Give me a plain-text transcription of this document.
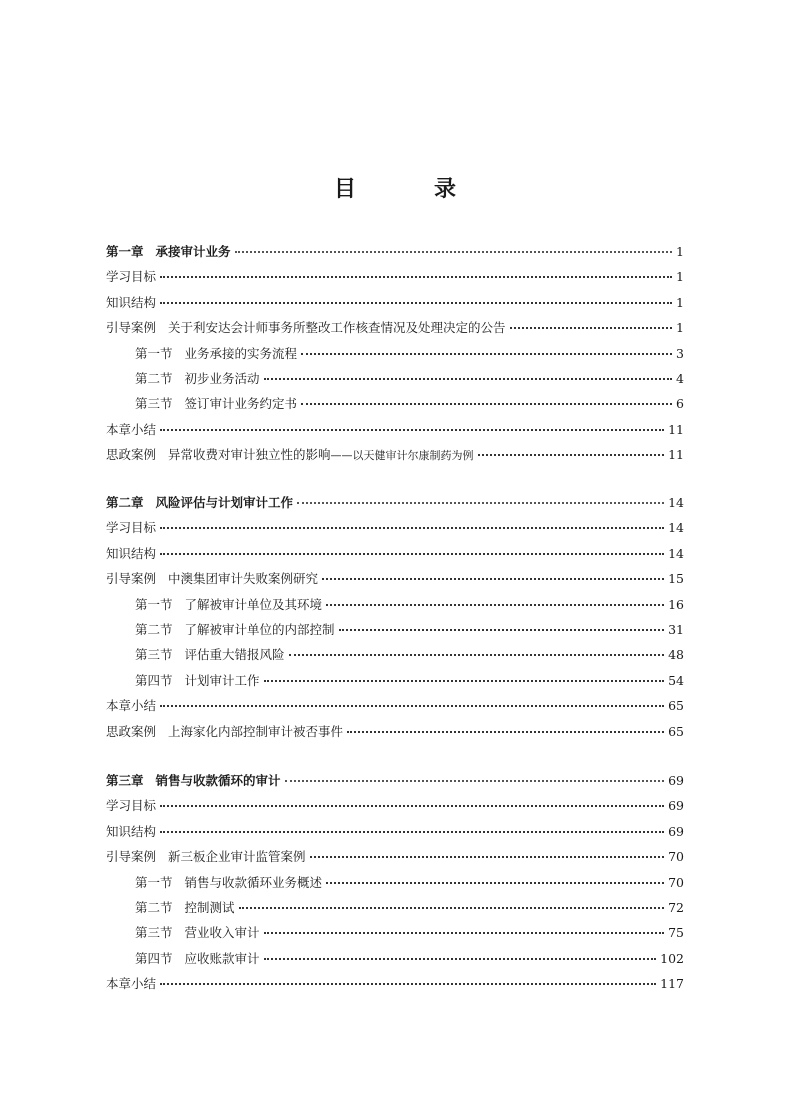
目 录
第一章 承接审计业务	1
学习目标	1
知识结构	1
引导案例 关于利安达会计师事务所整改工作核查情况及处理决定的公告	1
第一节 业务承接的实务流程	3
第二节 初步业务活动	4
第三节 签订审计业务约定书	6
本章小结	11
思政案例 异常收费对审计独立性的影响——以天健审计尔康制药为例	11
第二章 风险评估与计划审计工作	14
学习目标	14
知识结构	14
引导案例 中澳集团审计失败案例研究	15
第一节 了解被审计单位及其环境	16
第二节 了解被审计单位的内部控制	31
第三节 评估重大错报风险	48
第四节 计划审计工作	54
本章小结	65
思政案例 上海家化内部控制审计被否事件	65
第三章 销售与收款循环的审计	69
学习目标	69
知识结构	69
引导案例 新三板企业审计监管案例	70
第一节 销售与收款循环业务概述	70
第二节 控制测试	72
第三节 营业收入审计	75
第四节 应收账款审计	102
本章小结	117
